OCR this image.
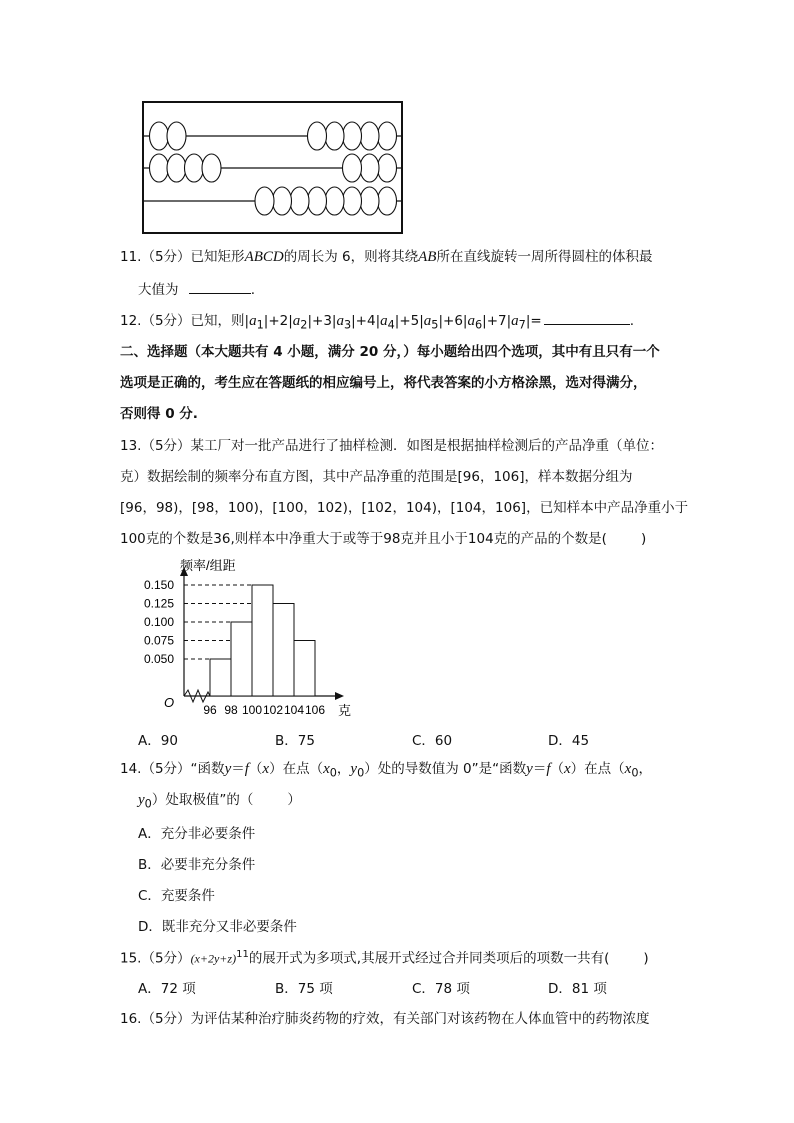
11.（5分）已知矩形ABCD的周长为 6，则将其绕AB所在直线旋转一周所得圆柱的体积最
大值为	.
12.（5分）已知，则$|a_1|+2|a_2|+3|a_3|+4|a_4|+5|a_5|+6|a_6|+7|a_7|=$	.
二、选择题（本大题共有 4 小题，满分 20 分，）每小题给出四个选项，其中有且只有一个
选项是正确的，考生应在答题纸的相应编号上，将代表答案的小方格涂黑，选对得满分，
否则得 0 分.
13.（5分）某工厂对一批产品进行了抽样检测．如图是根据抽样检测后的产品净重（单位：
克）数据绘制的频率分布直方图，其中产品净重的范围是[96，106]，样本数据分组为
[96，98)，[98，100)，[100，102)，[102，104)，[104，106]，已知样本中产品净重小于
100克的个数是36,则样本中净重大于或等于98克并且小于104克的产品的个数是(	)
频率/组距
克
O
0.050
0.075
0.100
0.125
0.150
96 98 100 102 104 106
A．90	B．75	C．60	D．45
14.（5分）“函数y＝f（x）在点（$x_0$，$y_0$）处的导数值为 0”是“函数y＝f（x）在点（$x_0$，
$y_0$）处取极值”的（	）
A．充分非必要条件
B．必要非充分条件
C．充要条件
D．既非充分又非必要条件
15.（5分）$(x+2y+z)^{11}$的展开式为多项式,其展开式经过合并同类项后的项数一共有(	)
A．72 项	B．75 项	C．78 项	D．81 项
16.（5分）为评估某种治疗肺炎药物的疗效，有关部门对该药物在人体血管中的药物浓度
